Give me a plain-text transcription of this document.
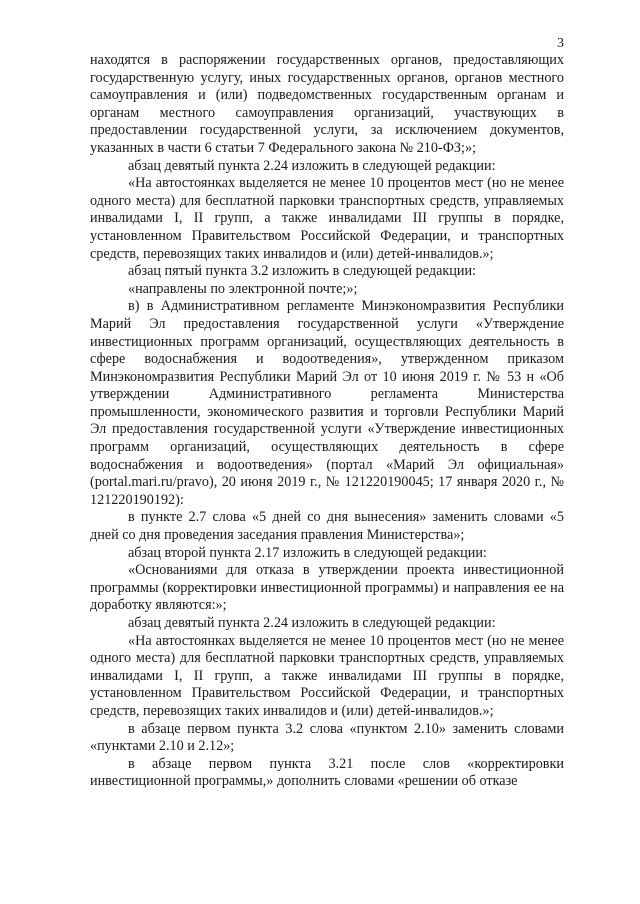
3

находятся в распоряжении государственных органов, предоставляющих государственную услугу, иных государственных органов, органов местного самоуправления и (или) подведомственных государственным органам и органам местного самоуправления организаций, участвующих в предоставлении государственной услуги, за исключением документов, указанных в части 6 статьи 7 Федерального закона № 210-ФЗ;»;

абзац девятый пункта 2.24 изложить в следующей редакции:

«На автостоянках выделяется не менее 10 процентов мест (но не менее одного места) для бесплатной парковки транспортных средств, управляемых инвалидами I, II групп, а также инвалидами III группы в порядке, установленном Правительством Российской Федерации, и транспортных средств, перевозящих таких инвалидов и (или) детей-инвалидов.»;

абзац пятый пункта 3.2 изложить в следующей редакции:

«направлены по электронной почте;»;

в) в Административном регламенте Минэкономразвития Республики Марий Эл предоставления государственной услуги «Утверждение инвестиционных программ организаций, осуществляющих деятельность в сфере водоснабжения и водоотведения», утвержденном приказом Минэкономразвития Республики Марий Эл от 10 июня 2019 г. № 53 н «Об утверждении Административного регламента Министерства промышленности, экономического развития и торговли Республики Марий Эл предоставления государственной услуги «Утверждение инвестиционных программ организаций, осуществляющих деятельность в сфере водоснабжения и водоотведения» (портал «Марий Эл официальная» (portal.mari.ru/pravo), 20 июня 2019 г., № 121220190045; 17 января 2020 г., № 121220190192):

в пункте 2.7 слова «5 дней со дня вынесения» заменить словами «5 дней со дня проведения заседания правления Министерства»;

абзац второй пункта 2.17 изложить в следующей редакции:

«Основаниями для отказа в утверждении проекта инвестиционной программы (корректировки инвестиционной программы) и направления ее на доработку являются:»;

абзац девятый пункта 2.24 изложить в следующей редакции:

«На автостоянках выделяется не менее 10 процентов мест (но не менее одного места) для бесплатной парковки транспортных средств, управляемых инвалидами I, II групп, а также инвалидами III группы в порядке, установленном Правительством Российской Федерации, и транспортных средств, перевозящих таких инвалидов и (или) детей-инвалидов.»;

в абзаце первом пункта 3.2 слова «пунктом 2.10» заменить словами «пунктами 2.10 и 2.12»;

в абзаце первом пункта 3.21 после слов «корректировки инвестиционной программы,» дополнить словами «решении об отказе
